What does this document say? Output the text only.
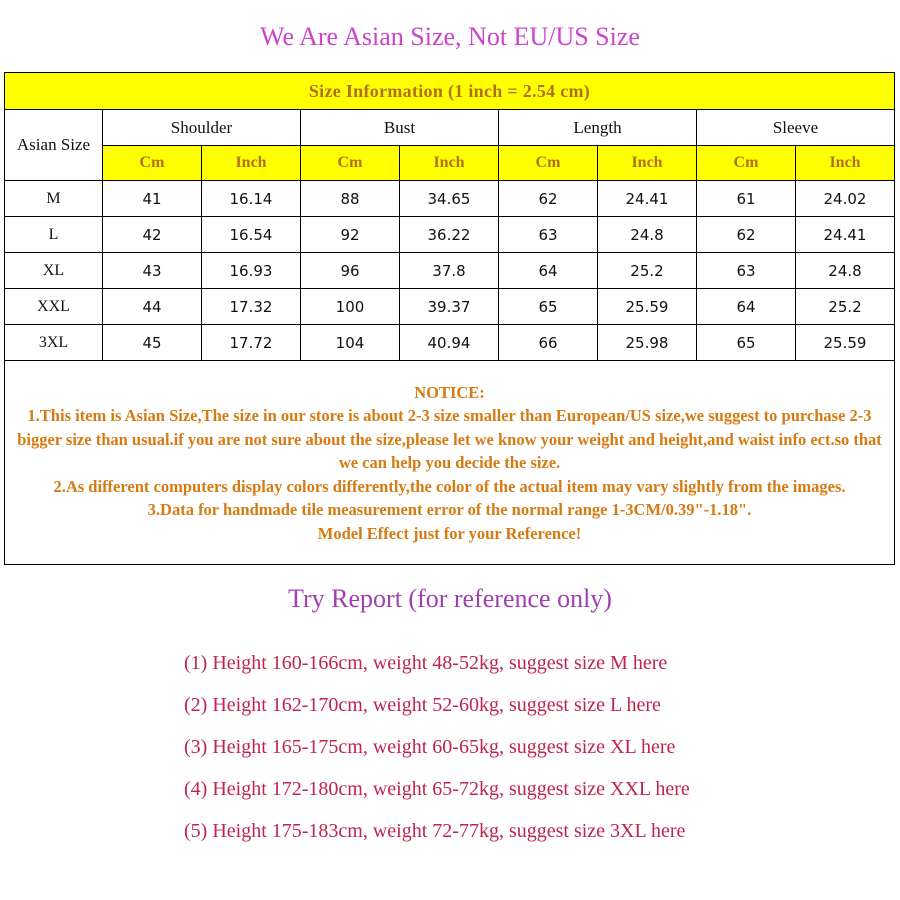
We Are Asian Size, Not EU/US Size
Size Information (1 inch = 2.54 cm)								
Asian Size	Shoulder		Bust		Length		Sleeve	
	Cm	Inch	Cm	Inch	Cm	Inch	Cm	Inch
M	41	16.14	88	34.65	62	24.41	61	24.02
L	42	16.54	92	36.22	63	24.8	62	24.41
XL	43	16.93	96	37.8	64	25.2	63	24.8
XXL	44	17.32	100	39.37	65	25.59	64	25.2
3XL	45	17.72	104	40.94	66	25.98	65	25.59

NOTICE:

1.This item is Asian Size,The size in our store is about 2-3 size smaller than European/US size,we suggest to purchase 2-3 bigger size than usual.if you are not sure about the size,please let we know your weight and height,and waist info ect.so that we can help you decide the size.

2.As different computers display colors differently,the color of the actual item may vary slightly from the images.

3.Data for handmade tile measurement error of the normal range 1-3CM/0.39"-1.18".

Model Effect just for your Reference!								

Try Report (for reference only)
(1) Height 160-166cm, weight 48-52kg, suggest size M here
(2) Height 162-170cm, weight 52-60kg, suggest size L here
(3) Height 165-175cm, weight 60-65kg, suggest size XL here
(4) Height 172-180cm, weight 65-72kg, suggest size XXL here
(5) Height 175-183cm, weight 72-77kg, suggest size 3XL here
